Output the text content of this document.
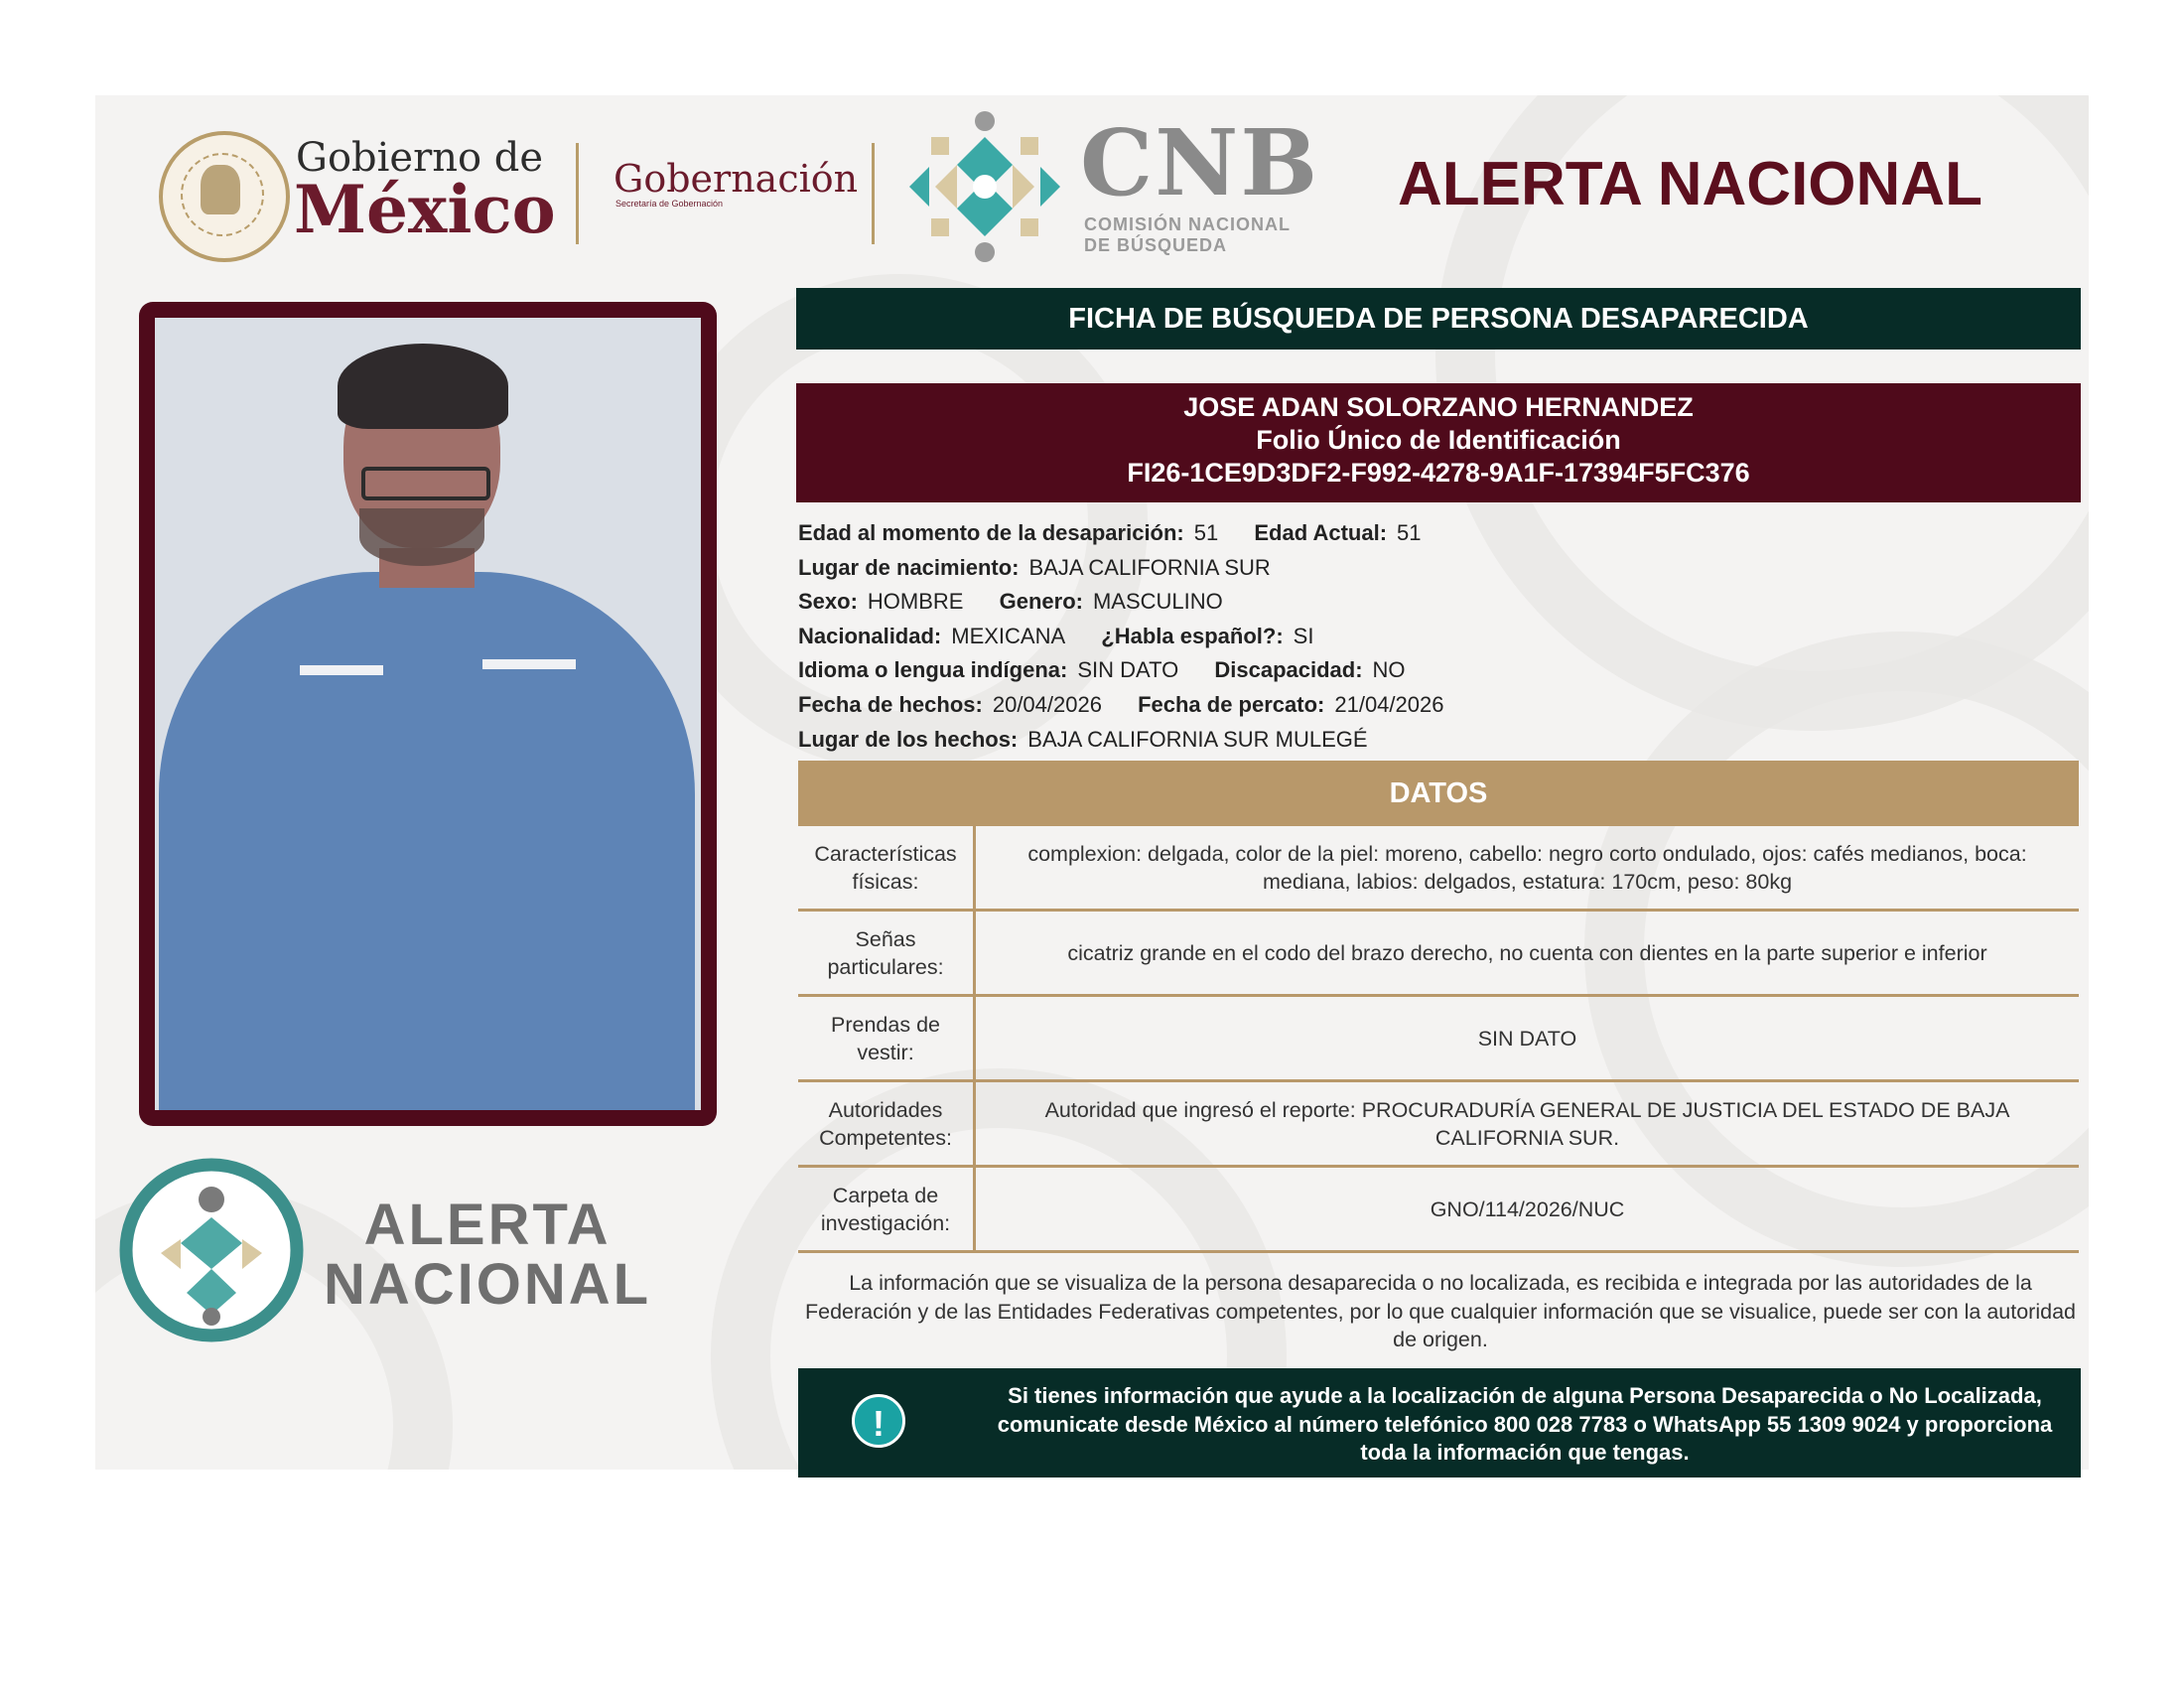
Gobierno de
México Gobernación
Secretaría de Gobernación	CNB
COMISIÓN NACIONAL
DE BÚSQUEDA
ALERTA NACIONAL
ALERTA
NACIONAL
FICHA DE BÚSQUEDA DE PERSONA DESAPARECIDA
JOSE ADAN SOLORZANO HERNANDEZ
Folio Único de Identificación
FI26-1CE9D3DF2-F992-4278-9A1F-17394F5FC376
Edad al momento de la desaparición: 51 Edad Actual: 51
Lugar de nacimiento: BAJA CALIFORNIA SUR
Sexo: HOMBRE Genero: MASCULINO
Nacionalidad: MEXICANA ¿Habla español?: SI
Idioma o lengua indígena: SIN DATO Discapacidad: NO
Fecha de hechos: 20/04/2026 Fecha de percato: 21/04/2026
Lugar de los hechos: BAJA CALIFORNIA SUR MULEGÉ
DATOS
Características físicas:	complexion: delgada, color de la piel: moreno, cabello: negro corto ondulado, ojos: cafés medianos, boca: mediana, labios: delgados, estatura: 170cm, peso: 80kg
Señas particulares:	cicatriz grande en el codo del brazo derecho, no cuenta con dientes en la parte superior e inferior
Prendas de vestir:	SIN DATO
Autoridades Competentes:	Autoridad que ingresó el reporte: PROCURADURÍA GENERAL DE JUSTICIA DEL ESTADO DE BAJA CALIFORNIA SUR.
Carpeta de investigación:	GNO/114/2026/NUC
La información que se visualiza de la persona desaparecida o no localizada, es recibida e integrada por las autoridades de la Federación y de las Entidades Federativas competentes, por lo que cualquier información que se visualice, puede ser con la autoridad de origen.
!
Si tienes información que ayude a la localización de alguna Persona Desaparecida o No Localizada, comunicate desde México al número telefónico 800 028 7783 o WhatsApp 55 1309 9024 y proporciona toda la información que tengas.
